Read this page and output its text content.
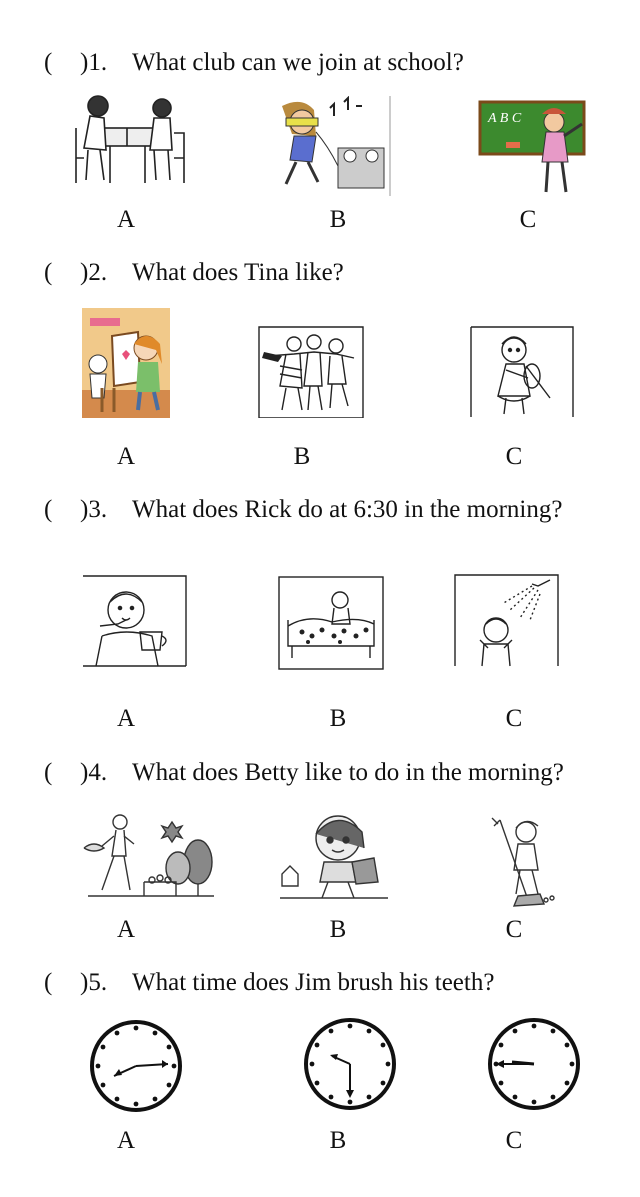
( )1. What club can we join at school?
A B C
A	B	C
( )2. What does Tina like?
A	B	C
( )3. What does Rick do at 6:30 in the morning?
A	B	C
( )4. What does Betty like to do in the morning?
A	B	C
( )5. What time does Jim brush his teeth?
A	B	C
